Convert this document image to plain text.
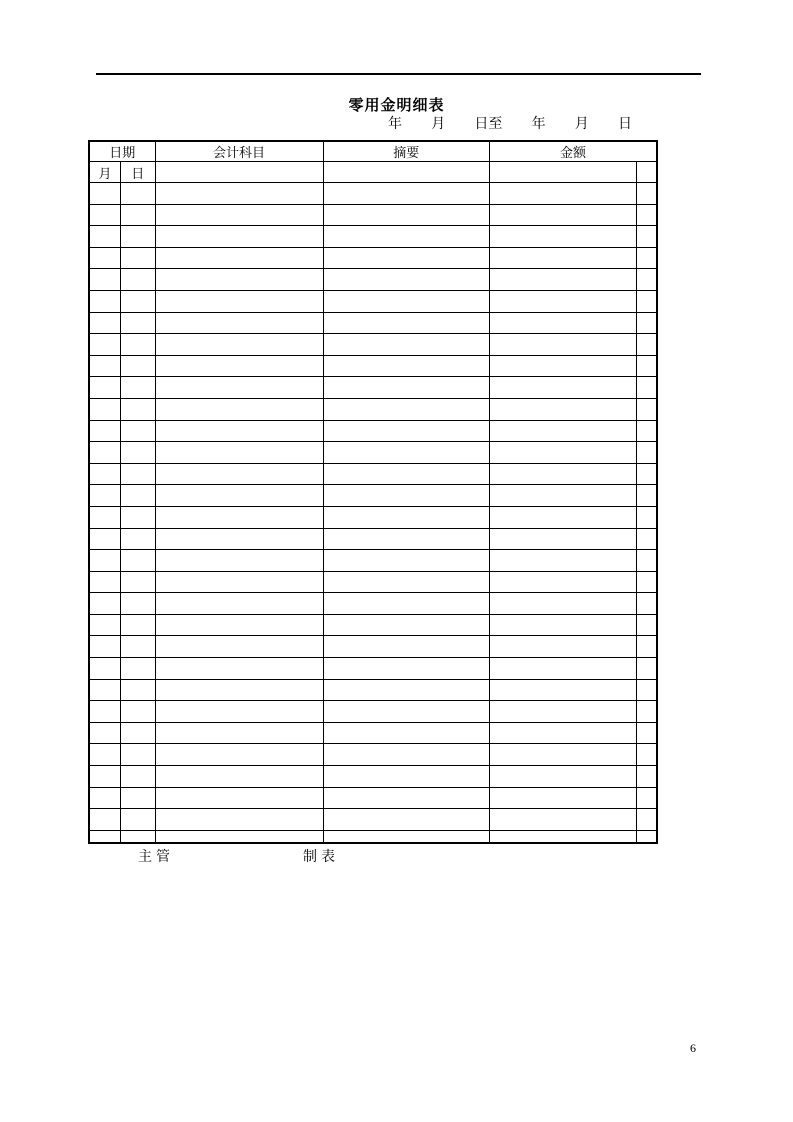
零用金明细表
年 月 日至 年 月 日
日期		会计科目	摘要	金额	
月	日				

主管	制表
6
